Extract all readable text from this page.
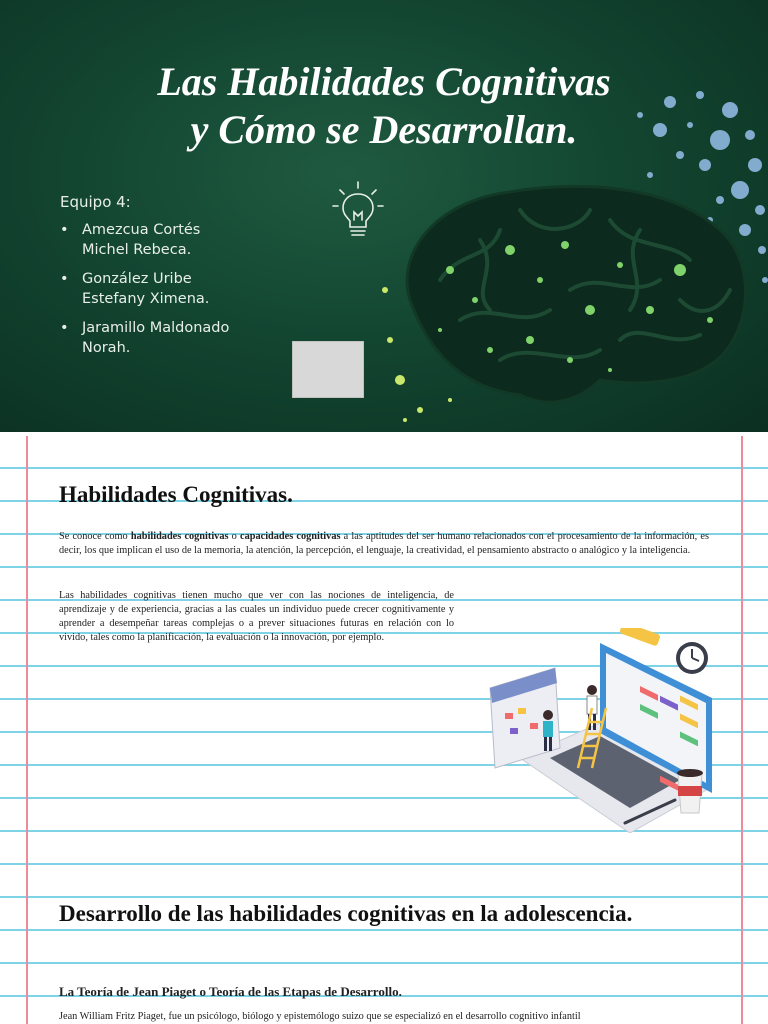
Las Habilidades Cognitivas
y Cómo se Desarrollan.
Equipo 4:
• Amezcua Cortés
Michel Rebeca.
• González Uribe
Estefany Ximena.
• Jaramillo Maldonado
Norah.
Habilidades Cognitivas.

Se conoce como habilidades cognitivas o capacidades cognitivas a las aptitudes del ser humano relacionados con el procesamiento de la información, es decir, los que implican el uso de la memoria, la atención, la percepción, el lenguaje, la creatividad, el pensamiento abstracto o analógico y la inteligencia.

Las habilidades cognitivas tienen mucho que ver con las nociones de inteligencia, de aprendizaje y de experiencia, gracias a las cuales un individuo puede crecer cognitivamente y aprender a desempeñar tareas complejas o a prever situaciones futuras en relación con lo vivido, tales como la planificación, la evaluación o la innovación, por ejemplo.

Desarrollo de las habilidades cognitivas en la adolescencia.
La Teoría de Jean Piaget o Teoría de las Etapas de Desarrollo.

Jean William Fritz Piaget, fue un psicólogo, biólogo y epistemólogo suizo que se especializó en el desarrollo cognitivo infantil
